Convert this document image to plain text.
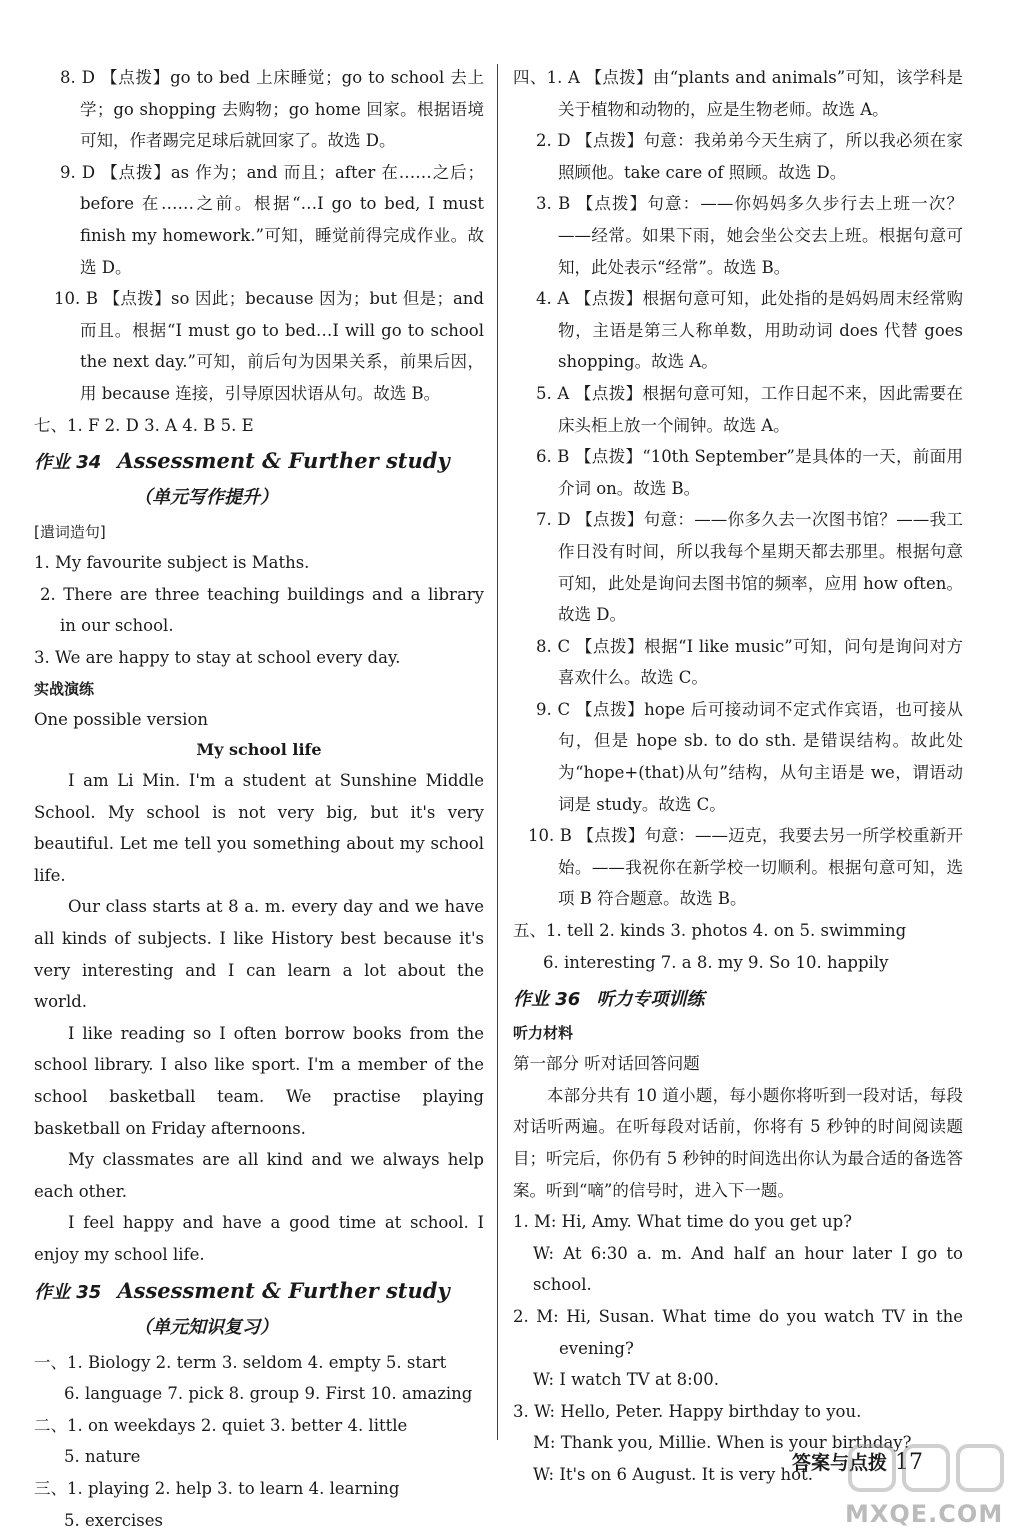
8. D 【点拨】go to bed 上床睡觉；go to school 去上学；go shopping 去购物；go home 回家。根据语境可知，作者踢完足球后就回家了。故选 D。

9. D 【点拨】as 作为；and 而且；after 在……之后；before 在……之前。根据“…I go to bed, I must finish my homework.”可知，睡觉前得完成作业。故选 D。

10. B 【点拨】so 因此；because 因为；but 但是；and 而且。根据“I must go to bed…I will go to school the next day.”可知，前后句为因果关系，前果后因，用 because 连接，引导原因状语从句。故选 B。

七、1. F 2. D 3. A 4. B 5. E

作业 34 Assessment & Further study

（单元写作提升）

[遣词造句]

1. My favourite subject is Maths.

2. There are three teaching buildings and a library in our school.

3. We are happy to stay at school every day.

实战演练

One possible version

My school life

I am Li Min. I'm a student at Sunshine Middle School. My school is not very big, but it's very beautiful. Let me tell you something about my school life.

Our class starts at 8 a. m. every day and we have all kinds of subjects. I like History best because it's very interesting and I can learn a lot about the world.

I like reading so I often borrow books from the school library. I also like sport. I'm a member of the school basketball team. We practise playing basketball on Friday afternoons.

My classmates are all kind and we always help each other.

I feel happy and have a good time at school. I enjoy my school life.

作业 35 Assessment & Further study

（单元知识复习）

一、1. Biology 2. term 3. seldom 4. empty 5. start

6. language 7. pick 8. group 9. First 10. amazing

二、1. on weekdays 2. quiet 3. better 4. little

5. nature

三、1. playing 2. help 3. to learn 4. learning

5. exercises

四、1. A 【点拨】由“plants and animals”可知，该学科是关于植物和动物的，应是生物老师。故选 A。

2. D 【点拨】句意：我弟弟今天生病了，所以我必须在家照顾他。take care of 照顾。故选 D。

3. B 【点拨】句意：——你妈妈多久步行去上班一次？——经常。如果下雨，她会坐公交去上班。根据句意可知，此处表示“经常”。故选 B。

4. A 【点拨】根据句意可知，此处指的是妈妈周末经常购物，主语是第三人称单数，用助动词 does 代替 goes shopping。故选 A。

5. A 【点拨】根据句意可知，工作日起不来，因此需要在床头柜上放一个闹钟。故选 A。

6. B 【点拨】“10th September”是具体的一天，前面用介词 on。故选 B。

7. D 【点拨】句意：——你多久去一次图书馆？——我工作日没有时间，所以我每个星期天都去那里。根据句意可知，此处是询问去图书馆的频率，应用 how often。故选 D。

8. C 【点拨】根据“I like music”可知，问句是询问对方喜欢什么。故选 C。

9. C 【点拨】hope 后可接动词不定式作宾语，也可接从句，但是 hope sb. to do sth. 是错误结构。故此处为“hope+(that)从句”结构，从句主语是 we，谓语动词是 study。故选 C。

10. B 【点拨】句意：——迈克，我要去另一所学校重新开始。——我祝你在新学校一切顺利。根据句意可知，选项 B 符合题意。故选 B。

五、1. tell 2. kinds 3. photos 4. on 5. swimming

6. interesting 7. a 8. my 9. So 10. happily

作业 36 听力专项训练

听力材料

第一部分 听对话回答问题

本部分共有 10 道小题，每小题你将听到一段对话，每段对话听两遍。在听每段对话前，你将有 5 秒钟的时间阅读题目；听完后，你仍有 5 秒钟的时间选出你认为最合适的备选答案。听到“嘀”的信号时，进入下一题。

1. M: Hi, Amy. What time do you get up?

W: At 6:30 a. m. And half an hour later I go to school.

2. M: Hi, Susan. What time do you watch TV in the evening?

W: I watch TV at 8:00.

3. W: Hello, Peter. Happy birthday to you.

M: Thank you, Millie. When is your birthday?

W: It's on 6 August. It is very hot.

答案与点拨 17
MXQE.COM
